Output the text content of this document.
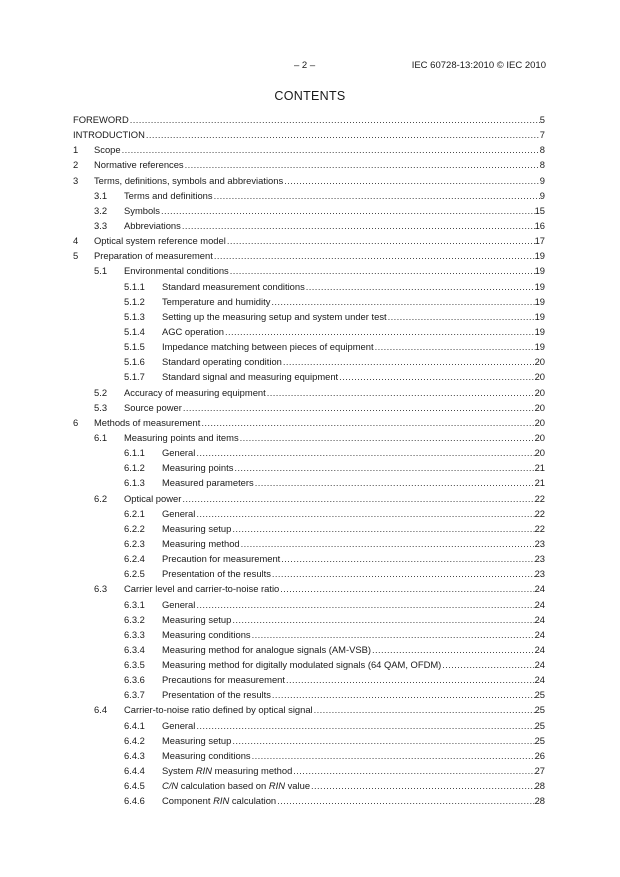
– 2 –	IEC 60728-13:2010 © IEC 2010
CONTENTS
FOREWORD .....	5
INTRODUCTION .....	7
1 Scope .....	8
2 Normative references .....	8
3 Terms, definitions, symbols and abbreviations .....	9
3.1 Terms and definitions .....	9
3.2 Symbols .....	15
3.3 Abbreviations .....	16
4 Optical system reference model .....	17
5 Preparation of measurement .....	19
5.1 Environmental conditions .....	19
5.1.1 Standard measurement conditions .....	19
5.1.2 Temperature and humidity .....	19
5.1.3 Setting up the measuring setup and system under test .....	19
5.1.4 AGC operation .....	19
5.1.5 Impedance matching between pieces of equipment .....	19
5.1.6 Standard operating condition .....	20
5.1.7 Standard signal and measuring equipment .....	20
5.2 Accuracy of measuring equipment .....	20
5.3 Source power .....	20
6 Methods of measurement .....	20
6.1 Measuring points and items .....	20
6.1.1 General .....	20
6.1.2 Measuring points .....	21
6.1.3 Measured parameters .....	21
6.2 Optical power .....	22
6.2.1 General .....	22
6.2.2 Measuring setup .....	22
6.2.3 Measuring method .....	23
6.2.4 Precaution for measurement .....	23
6.2.5 Presentation of the results .....	23
6.3 Carrier level and carrier-to-noise ratio .....	24
6.3.1 General .....	24
6.3.2 Measuring setup .....	24
6.3.3 Measuring conditions .....	24
6.3.4 Measuring method for analogue signals (AM-VSB) .....	24
6.3.5 Measuring method for digitally modulated signals (64 QAM, OFDM) .....	24
6.3.6 Precautions for measurement .....	24
6.3.7 Presentation of the results .....	25
6.4 Carrier-to-noise ratio defined by optical signal .....	25
6.4.1 General .....	25
6.4.2 Measuring setup .....	25
6.4.3 Measuring conditions .....	26
6.4.4 System RIN measuring method .....	27
6.4.5 C/N calculation based on RIN value .....	28
6.4.6 Component RIN calculation .....	28
